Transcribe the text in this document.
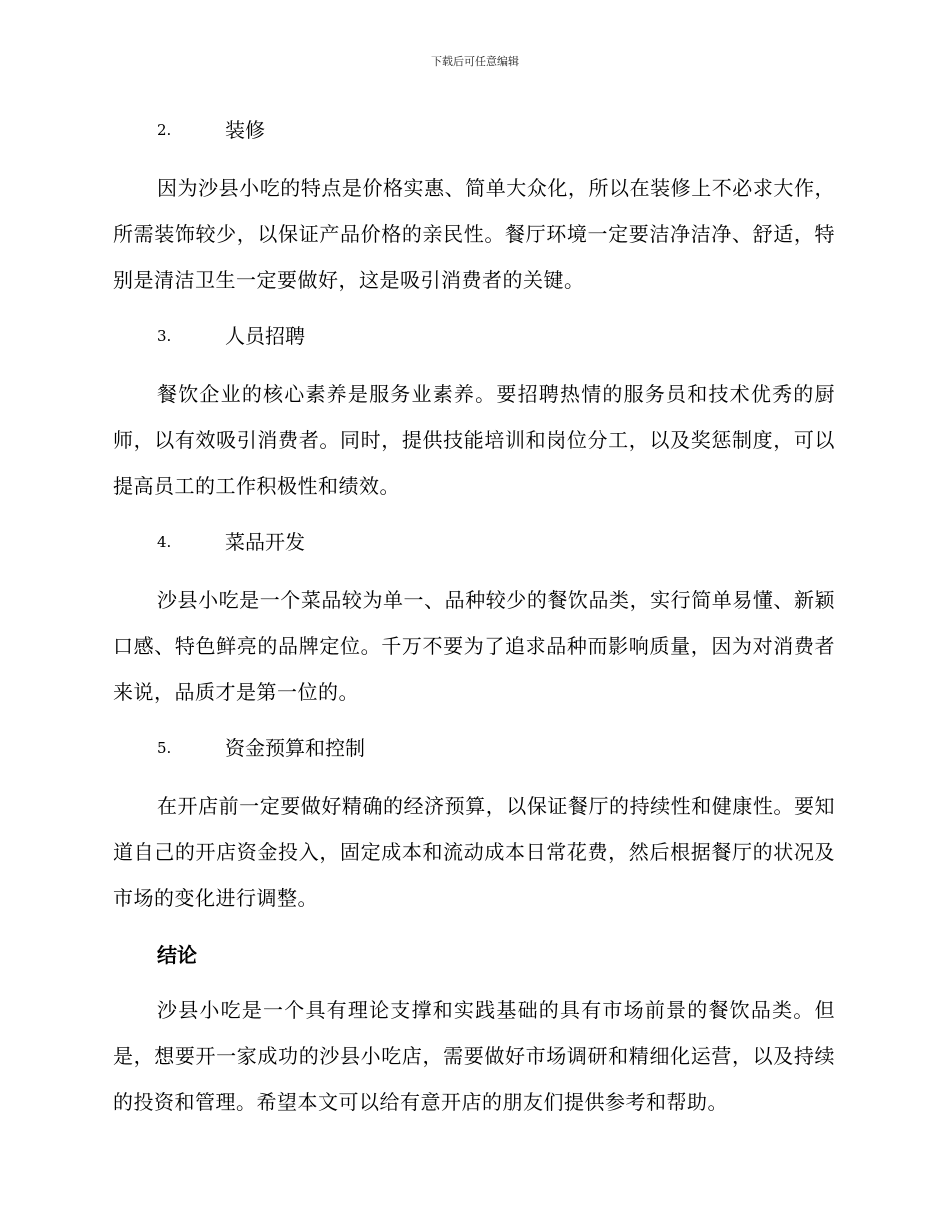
下载后可任意编辑
2.	装修

因为沙县小吃的特点是价格实惠、简单大众化，所以在装修上不必求大作，所需装饰较少，以保证产品价格的亲民性。餐厅环境一定要洁净洁净、舒适，特别是清洁卫生一定要做好，这是吸引消费者的关键。

3.	人员招聘

餐饮企业的核心素养是服务业素养。要招聘热情的服务员和技术优秀的厨师，以有效吸引消费者。同时，提供技能培训和岗位分工，以及奖惩制度，可以提高员工的工作积极性和绩效。

4.	菜品开发

沙县小吃是一个菜品较为单一、品种较少的餐饮品类，实行简单易懂、新颖口感、特色鲜亮的品牌定位。千万不要为了追求品种而影响质量，因为对消费者来说，品质才是第一位的。

5.	资金预算和控制

在开店前一定要做好精确的经济预算，以保证餐厅的持续性和健康性。要知道自己的开店资金投入，固定成本和流动成本日常花费，然后根据餐厅的状况及市场的变化进行调整。

结论

沙县小吃是一个具有理论支撑和实践基础的具有市场前景的餐饮品类。但是，想要开一家成功的沙县小吃店，需要做好市场调研和精细化运营，以及持续的投资和管理。希望本文可以给有意开店的朋友们提供参考和帮助。
